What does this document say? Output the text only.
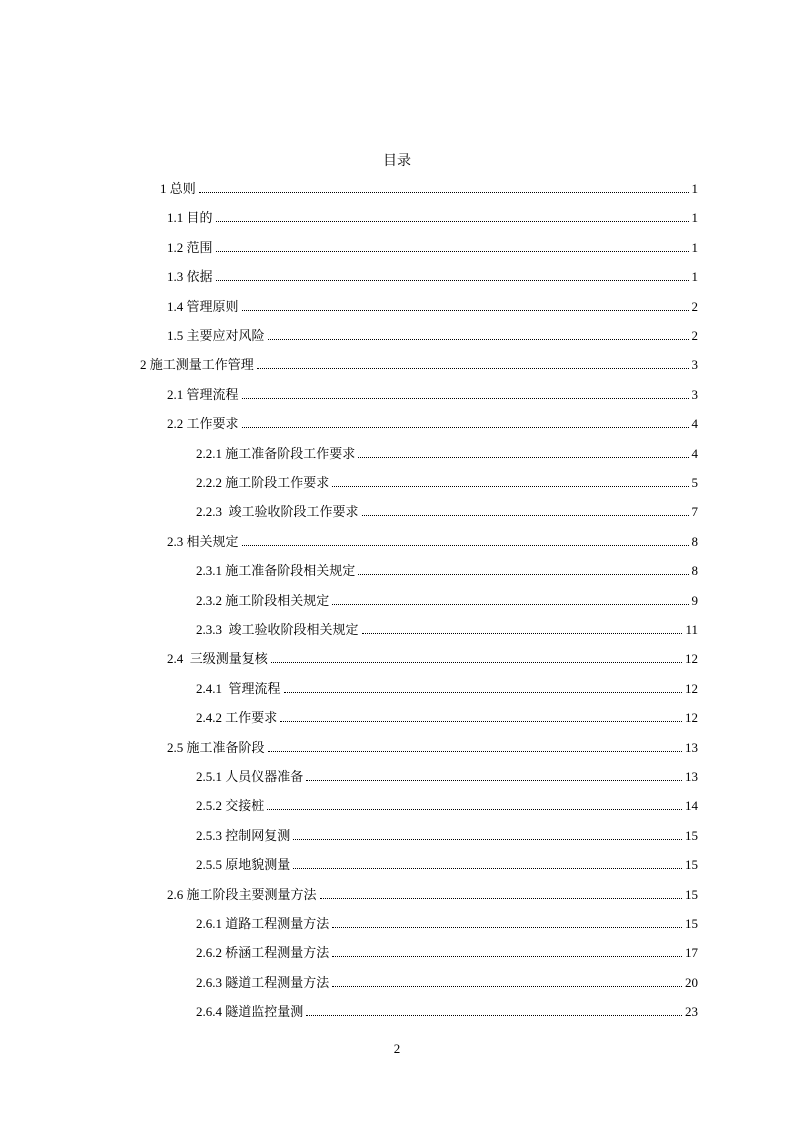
目录
1 总则	1
1.1 目的	1
1.2 范围	1
1.3 依据	1
1.4 管理原则	2
1.5 主要应对风险	2
2 施工测量工作管理	3
2.1 管理流程	3
2.2 工作要求	4
2.2.1 施工准备阶段工作要求	4
2.2.2 施工阶段工作要求	5
2.2.3  竣工验收阶段工作要求	7
2.3 相关规定	8
2.3.1 施工准备阶段相关规定	8
2.3.2 施工阶段相关规定	9
2.3.3  竣工验收阶段相关规定	11
2.4  三级测量复核	12
2.4.1  管理流程	12
2.4.2 工作要求	12
2.5 施工准备阶段	13
2.5.1 人员仪器准备	13
2.5.2 交接桩	14
2.5.3 控制网复测	15
2.5.5 原地貌测量	15
2.6 施工阶段主要测量方法	15
2.6.1 道路工程测量方法	15
2.6.2 桥涵工程测量方法	17
2.6.3 隧道工程测量方法	20
2.6.4 隧道监控量测	23
2
